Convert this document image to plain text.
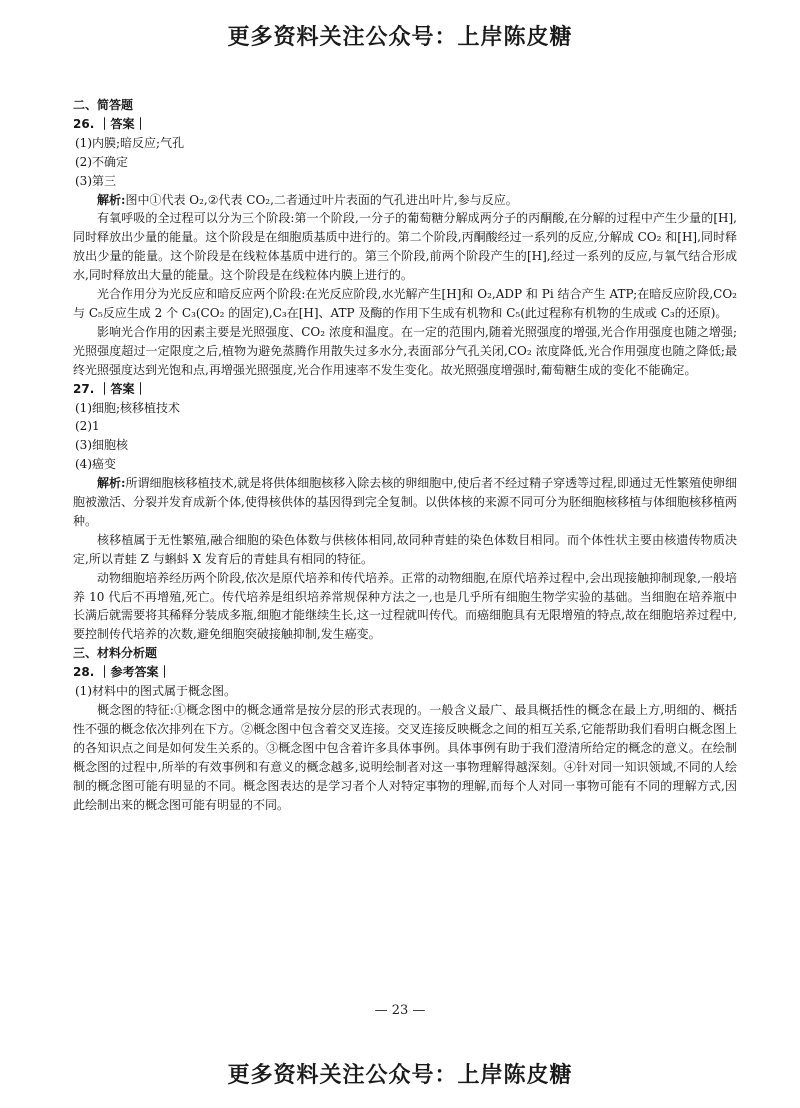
更多资料关注公众号：上岸陈皮糖

二、简答题

26. ｜答案｜

(1)内膜;暗反应;气孔

(2)不确定

(3)第三

解析:图中①代表 O₂,②代表 CO₂,二者通过叶片表面的气孔进出叶片,参与反应。

有氧呼吸的全过程可以分为三个阶段:第一个阶段,一分子的葡萄糖分解成两分子的丙酮酸,在分解的过程中产生少量的[H],同时释放出少量的能量。这个阶段是在细胞质基质中进行的。第二个阶段,丙酮酸经过一系列的反应,分解成 CO₂ 和[H],同时释放出少量的能量。这个阶段是在线粒体基质中进行的。第三个阶段,前两个阶段产生的[H],经过一系列的反应,与氧气结合形成水,同时释放出大量的能量。这个阶段是在线粒体内膜上进行的。

光合作用分为光反应和暗反应两个阶段:在光反应阶段,水光解产生[H]和 O₂,ADP 和 Pi 结合产生 ATP;在暗反应阶段,CO₂与 C₅反应生成 2 个 C₃(CO₂ 的固定),C₃在[H]、ATP 及酶的作用下生成有机物和 C₅(此过程称有机物的生成或 C₃的还原)。

影响光合作用的因素主要是光照强度、CO₂ 浓度和温度。在一定的范围内,随着光照强度的增强,光合作用强度也随之增强;光照强度超过一定限度之后,植物为避免蒸腾作用散失过多水分,表面部分气孔关闭,CO₂ 浓度降低,光合作用强度也随之降低;最终光照强度达到光饱和点,再增强光照强度,光合作用速率不发生变化。故光照强度增强时,葡萄糖生成的变化不能确定。

27. ｜答案｜

(1)细胞;核移植技术

(2)1

(3)细胞核

(4)癌变

解析:所谓细胞核移植技术,就是将供体细胞核移入除去核的卵细胞中,使后者不经过精子穿透等过程,即通过无性繁殖使卵细胞被激活、分裂并发育成新个体,使得核供体的基因得到完全复制。以供体核的来源不同可分为胚细胞核移植与体细胞核移植两种。

核移植属于无性繁殖,融合细胞的染色体数与供核体相同,故同种青蛙的染色体数目相同。而个体性状主要由核遗传物质决定,所以青蛙 Z 与蝌蚪 X 发育后的青蛙具有相同的特征。

动物细胞培养经历两个阶段,依次是原代培养和传代培养。正常的动物细胞,在原代培养过程中,会出现接触抑制现象,一般培养 10 代后不再增殖,死亡。传代培养是组织培养常规保种方法之一,也是几乎所有细胞生物学实验的基础。当细胞在培养瓶中长满后就需要将其稀释分装成多瓶,细胞才能继续生长,这一过程就叫传代。而癌细胞具有无限增殖的特点,故在细胞培养过程中,要控制传代培养的次数,避免细胞突破接触抑制,发生癌变。

三、材料分析题

28. ｜参考答案｜

(1)材料中的图式属于概念图。

概念图的特征:①概念图中的概念通常是按分层的形式表现的。一般含义最广、最具概括性的概念在最上方,明细的、概括性不强的概念依次排列在下方。②概念图中包含着交叉连接。交叉连接反映概念之间的相互关系,它能帮助我们看明白概念图上的各知识点之间是如何发生关系的。③概念图中包含着许多具体事例。具体事例有助于我们澄清所给定的概念的意义。在绘制概念图的过程中,所举的有效事例和有意义的概念越多,说明绘制者对这一事物理解得越深刻。④针对同一知识领域,不同的人绘制的概念图可能有明显的不同。概念图表达的是学习者个人对特定事物的理解,而每个人对同一事物可能有不同的理解方式,因此绘制出来的概念图可能有明显的不同。

— 23 —
更多资料关注公众号：上岸陈皮糖
